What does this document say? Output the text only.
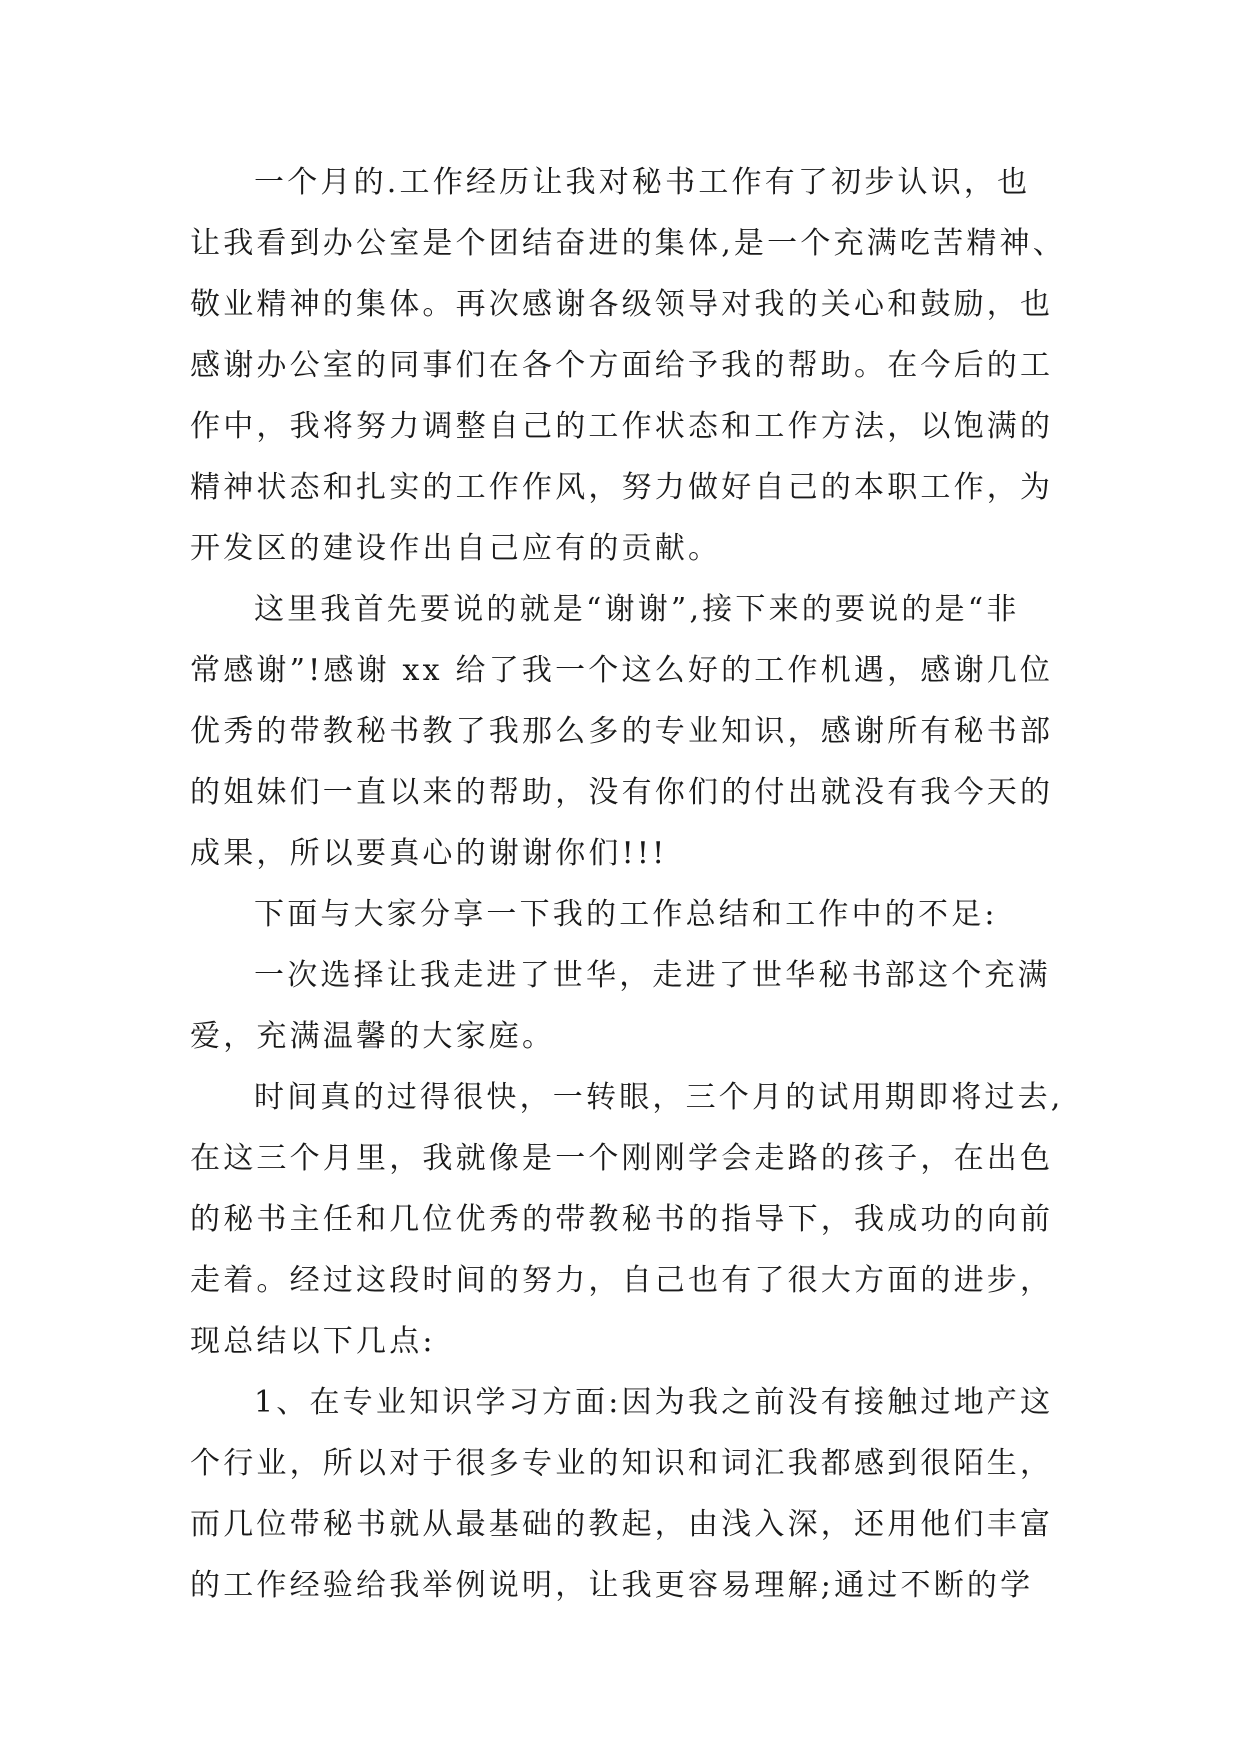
一个月的.工作经历让我对秘书工作有了初步认识，也
让我看到办公室是个团结奋进的集体,是一个充满吃苦精神、
敬业精神的集体。再次感谢各级领导对我的关心和鼓励，也
感谢办公室的同事们在各个方面给予我的帮助。在今后的工
作中，我将努力调整自己的工作状态和工作方法，以饱满的
精神状态和扎实的工作作风，努力做好自己的本职工作，为
开发区的建设作出自己应有的贡献。
这里我首先要说的就是“谢谢”,接下来的要说的是“非
常感谢”!感谢 xx 给了我一个这么好的工作机遇，感谢几位
优秀的带教秘书教了我那么多的专业知识，感谢所有秘书部
的姐妹们一直以来的帮助，没有你们的付出就没有我今天的
成果，所以要真心的谢谢你们!!!
下面与大家分享一下我的工作总结和工作中的不足:
一次选择让我走进了世华，走进了世华秘书部这个充满
爱，充满温馨的大家庭。
时间真的过得很快，一转眼，三个月的试用期即将过去,
在这三个月里，我就像是一个刚刚学会走路的孩子，在出色
的秘书主任和几位优秀的带教秘书的指导下，我成功的向前
走着。经过这段时间的努力，自己也有了很大方面的进步，
现总结以下几点:
1、在专业知识学习方面:因为我之前没有接触过地产这
个行业，所以对于很多专业的知识和词汇我都感到很陌生，
而几位带秘书就从最基础的教起，由浅入深，还用他们丰富
的工作经验给我举例说明，让我更容易理解;通过不断的学
